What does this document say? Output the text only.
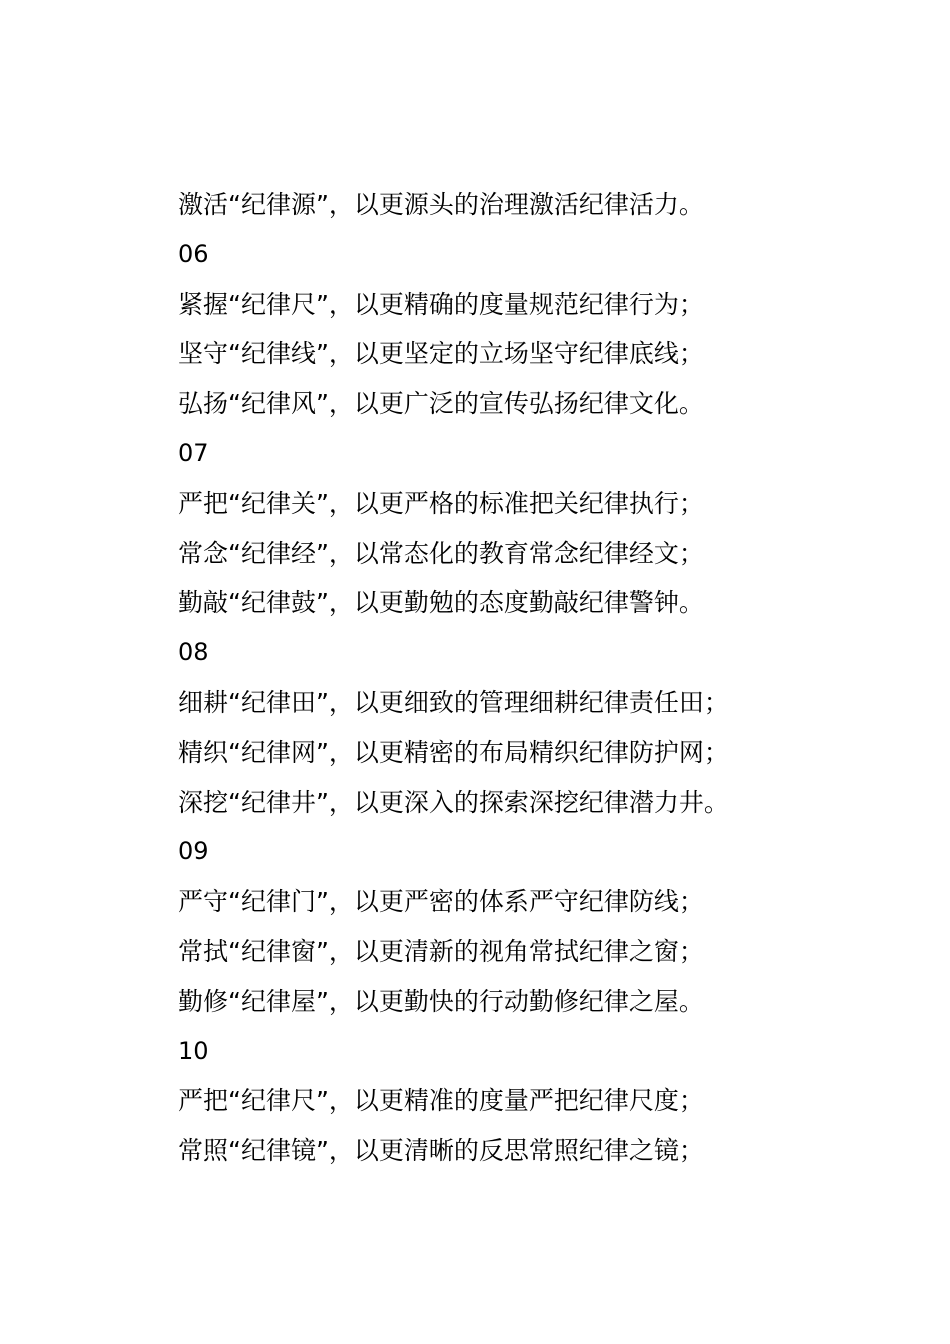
激活“纪律源”，以更源头的治理激活纪律活力。
06
紧握“纪律尺”，以更精确的度量规范纪律行为；
坚守“纪律线”，以更坚定的立场坚守纪律底线；
弘扬“纪律风”，以更广泛的宣传弘扬纪律文化。
07
严把“纪律关”，以更严格的标准把关纪律执行；
常念“纪律经”，以常态化的教育常念纪律经文；
勤敲“纪律鼓”，以更勤勉的态度勤敲纪律警钟。
08
细耕“纪律田”，以更细致的管理细耕纪律责任田；
精织“纪律网”，以更精密的布局精织纪律防护网；
深挖“纪律井”，以更深入的探索深挖纪律潜力井。
09
严守“纪律门”，以更严密的体系严守纪律防线；
常拭“纪律窗”，以更清新的视角常拭纪律之窗；
勤修“纪律屋”，以更勤快的行动勤修纪律之屋。
10
严把“纪律尺”，以更精准的度量严把纪律尺度；
常照“纪律镜”，以更清晰的反思常照纪律之镜；
